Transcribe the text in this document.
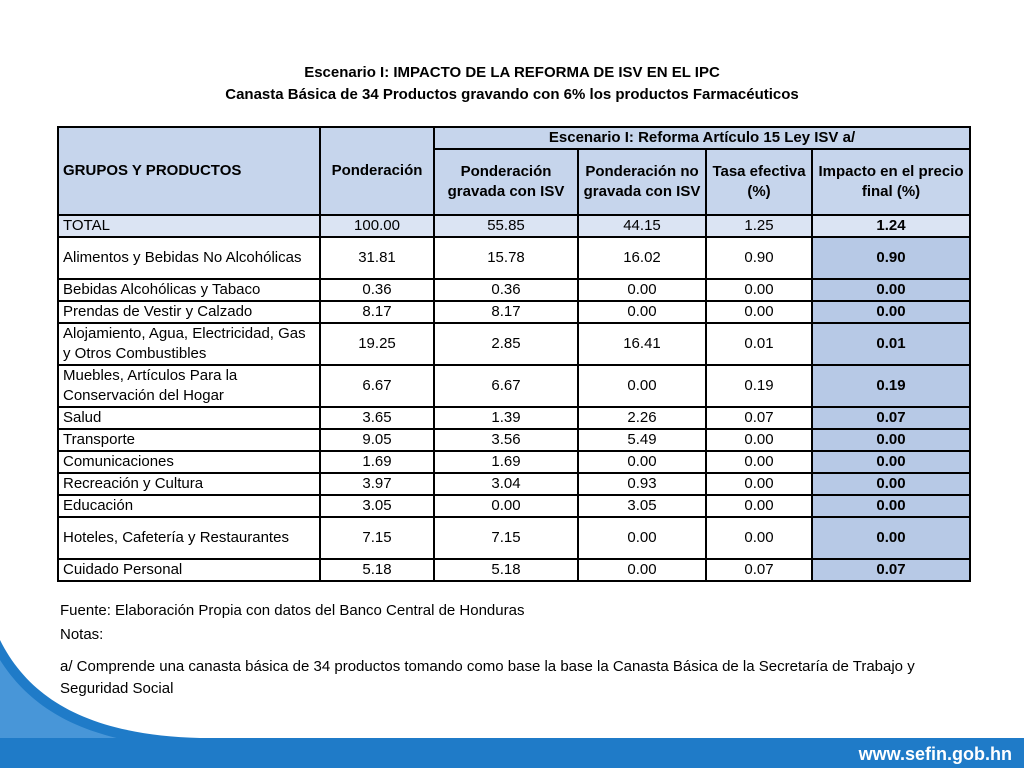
Escenario I: IMPACTO DE LA REFORMA DE ISV EN EL IPC
Canasta Básica de 34 Productos gravando con 6% los productos Farmacéuticos
GRUPOS Y PRODUCTOS	Ponderación	Escenario I: Reforma Artículo 15 Ley ISV a/			
		Ponderación gravada con ISV	Ponderación no gravada con ISV	Tasa efectiva (%)	Impacto en el precio final (%)
TOTAL	100.00	55.85	44.15	1.25	1.24
Alimentos y Bebidas No Alcohólicas	31.81	15.78	16.02	0.90	0.90
Bebidas Alcohólicas y Tabaco	0.36	0.36	0.00	0.00	0.00
Prendas de Vestir y Calzado	8.17	8.17	0.00	0.00	0.00
Alojamiento, Agua, Electricidad, Gas y Otros Combustibles	19.25	2.85	16.41	0.01	0.01
Muebles, Artículos Para la Conservación del Hogar	6.67	6.67	0.00	0.19	0.19
Salud	3.65	1.39	2.26	0.07	0.07
Transporte	9.05	3.56	5.49	0.00	0.00
Comunicaciones	1.69	1.69	0.00	0.00	0.00
Recreación y Cultura	3.97	3.04	0.93	0.00	0.00
Educación	3.05	0.00	3.05	0.00	0.00
Hoteles, Cafetería y Restaurantes	7.15	7.15	0.00	0.00	0.00
Cuidado Personal	5.18	5.18	0.00	0.07	0.07
Fuente: Elaboración Propia con datos del Banco Central de Honduras
Notas:
a/ Comprende una canasta básica de 34 productos tomando como base la base la Canasta Básica de la Secretaría de Trabajo y Seguridad Social
www.sefin.gob.hn
